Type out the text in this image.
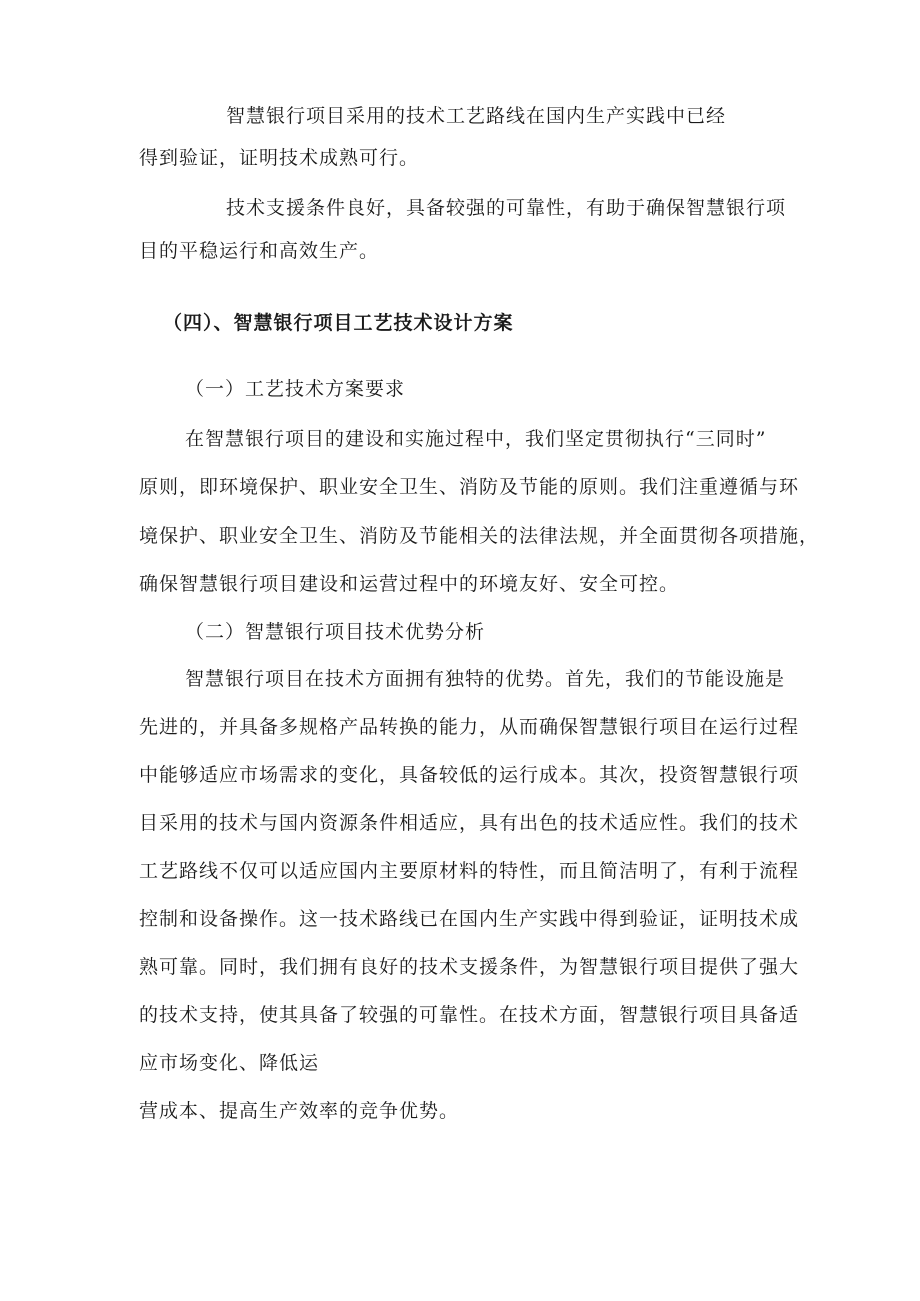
智慧银行项目采用的技术工艺路线在国内生产实践中已经

得到验证，证明技术成熟可行。

技术支援条件良好，具备较强的可靠性，有助于确保智慧银行项

目的平稳运行和高效生产。

（四）、智慧银行项目工艺技术设计方案

（一）工艺技术方案要求

在智慧银行项目的建设和实施过程中，我们坚定贯彻执行“三同时”

原则，即环境保护、职业安全卫生、消防及节能的原则。我们注重遵循与环

境保护、职业安全卫生、消防及节能相关的法律法规，并全面贯彻各项措施，

确保智慧银行项目建设和运营过程中的环境友好、安全可控。

（二）智慧银行项目技术优势分析

智慧银行项目在技术方面拥有独特的优势。首先，我们的节能设施是

先进的，并具备多规格产品转换的能力，从而确保智慧银行项目在运行过程

中能够适应市场需求的变化，具备较低的运行成本。其次，投资智慧银行项

目采用的技术与国内资源条件相适应，具有出色的技术适应性。我们的技术

工艺路线不仅可以适应国内主要原材料的特性，而且简洁明了，有利于流程

控制和设备操作。这一技术路线已在国内生产实践中得到验证，证明技术成

熟可靠。同时，我们拥有良好的技术支援条件，为智慧银行项目提供了强大

的技术支持，使其具备了较强的可靠性。在技术方面，智慧银行项目具备适

应市场变化、降低运

营成本、提高生产效率的竞争优势。
